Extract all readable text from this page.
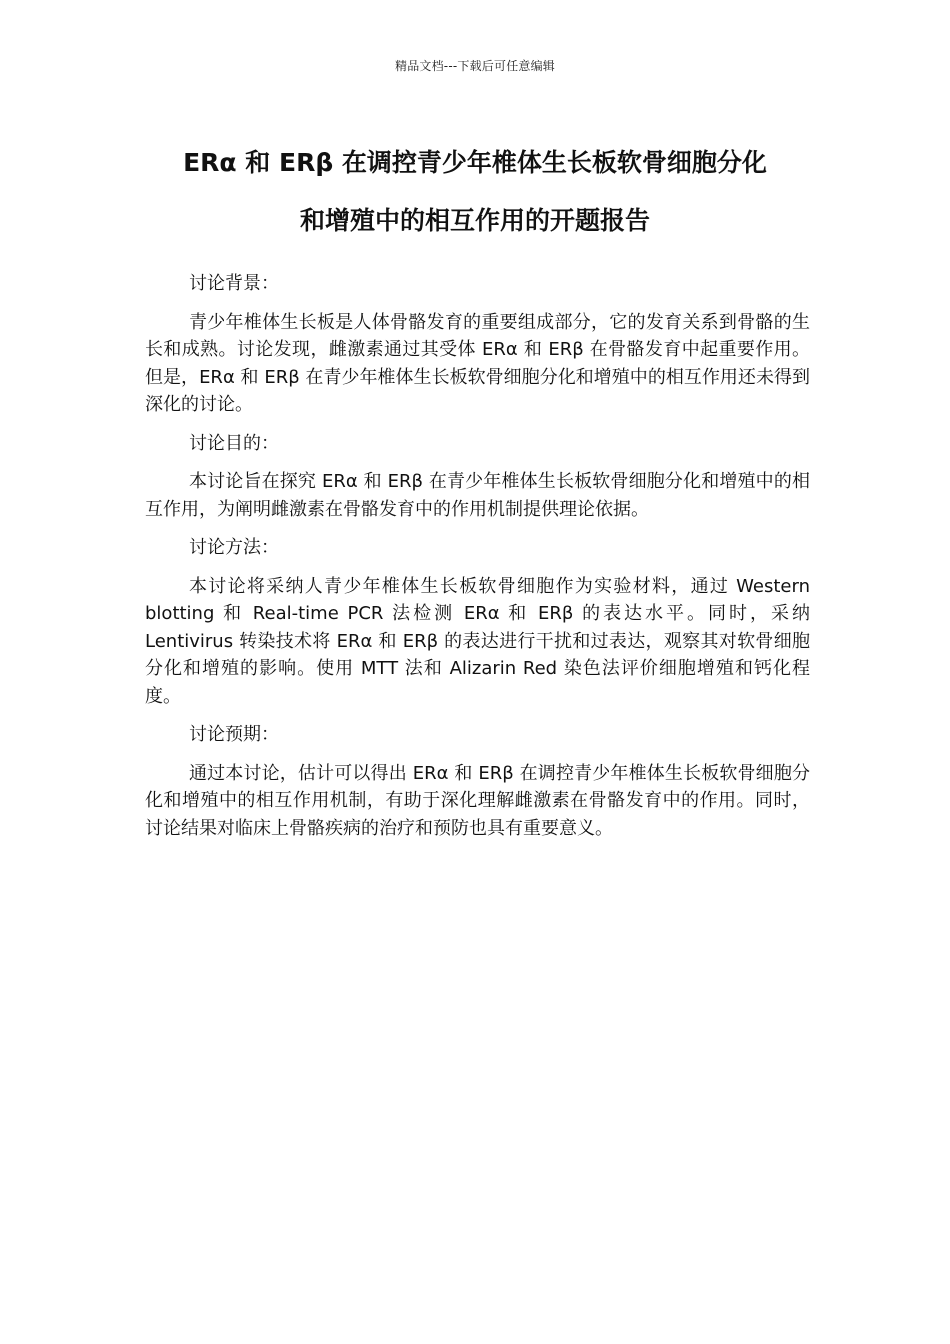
精品文档---下载后可任意编辑
ERα 和 ERβ 在调控青少年椎体生长板软骨细胞分化
和增殖中的相互作用的开题报告

讨论背景：

青少年椎体生长板是人体骨骼发育的重要组成部分，它的发育关系到骨骼的生长和成熟。讨论发现，雌激素通过其受体 ERα 和 ERβ 在骨骼发育中起重要作用。但是，ERα 和 ERβ 在青少年椎体生长板软骨细胞分化和增殖中的相互作用还未得到深化的讨论。

讨论目的：

本讨论旨在探究 ERα 和 ERβ 在青少年椎体生长板软骨细胞分化和增殖中的相互作用，为阐明雌激素在骨骼发育中的作用机制提供理论依据。

讨论方法：

本讨论将采纳人青少年椎体生长板软骨细胞作为实验材料，通过 Western blotting 和 Real-time PCR 法检测 ERα 和 ERβ 的表达水平。同时，采纳 Lentivirus 转染技术将 ERα 和 ERβ 的表达进行干扰和过表达，观察其对软骨细胞分化和增殖的影响。使用 MTT 法和 Alizarin Red 染色法评价细胞增殖和钙化程度。

讨论预期：

通过本讨论，估计可以得出 ERα 和 ERβ 在调控青少年椎体生长板软骨细胞分化和增殖中的相互作用机制，有助于深化理解雌激素在骨骼发育中的作用。同时，讨论结果对临床上骨骼疾病的治疗和预防也具有重要意义。
